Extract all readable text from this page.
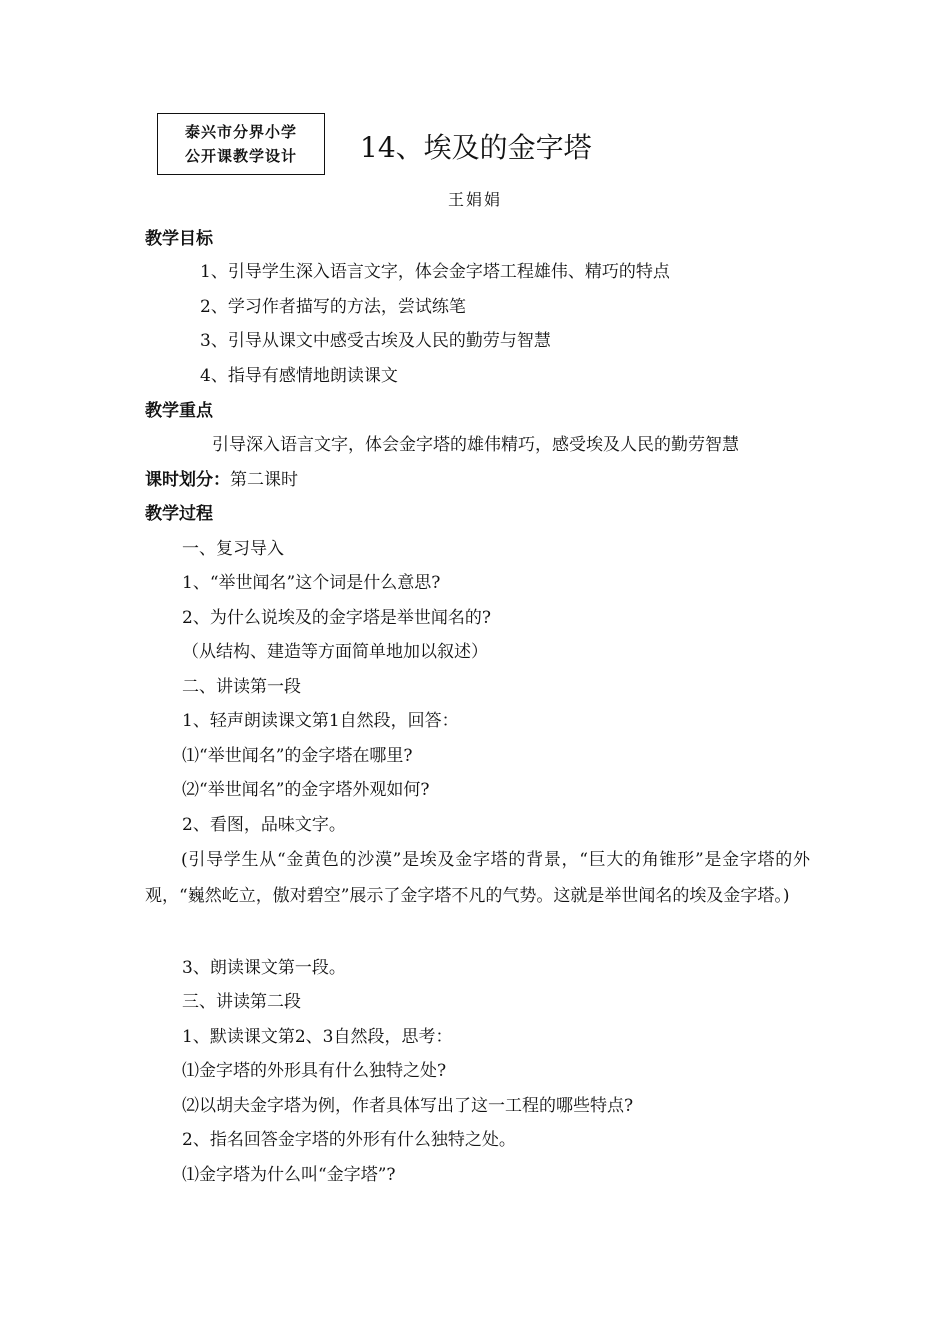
泰兴市分界小学
公开课教学设计 14、埃及的金字塔
王娟娟
教学目标
1、引导学生深入语言文字，体会金字塔工程雄伟、精巧的特点
2、学习作者描写的方法，尝试练笔
3、引导从课文中感受古埃及人民的勤劳与智慧
4、指导有感情地朗读课文
教学重点
引导深入语言文字，体会金字塔的雄伟精巧，感受埃及人民的勤劳智慧
课时划分：第二课时
教学过程
一、复习导入
1、“举世闻名”这个词是什么意思?
2、为什么说埃及的金字塔是举世闻名的?
（从结构、建造等方面简单地加以叙述）
二、讲读第一段
1、轻声朗读课文第1自然段，回答：
⑴“举世闻名”的金字塔在哪里?
⑵“举世闻名”的金字塔外观如何?
2、看图，品味文字。
(引导学生从“金黄色的沙漠”是埃及金字塔的背景，“巨大的角锥形”是金字塔的外观，“巍然屹立，傲对碧空”展示了金字塔不凡的气势。这就是举世闻名的埃及金字塔。)
3、朗读课文第一段。
三、讲读第二段
1、默读课文第2、3自然段，思考：
⑴金字塔的外形具有什么独特之处?
⑵以胡夫金字塔为例，作者具体写出了这一工程的哪些特点?
2、指名回答金字塔的外形有什么独特之处。
⑴金字塔为什么叫“金字塔”?
